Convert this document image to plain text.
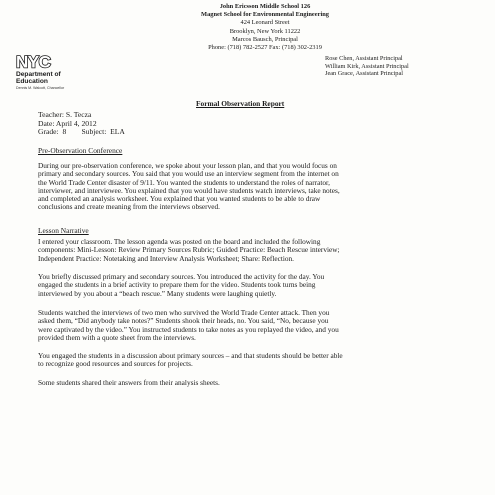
John Ericsson Middle School 126
Magnet School for Environmental Engineering
424 Leonard Street
Brooklyn, New York 11222
Marcos Bausch, Principal
Phone: (718) 782-2527 Fax: (718) 302-2319
NYC
Department of
Education
Dennis M. Walcott, Chancellor
Rose Chen, Assistant Principal
William Kirk, Assistant Principal
Jean Grace, Assistant Principal
Formal Observation Report
Teacher: S. Tecza
Date: April 4, 2012
Grade:  8        Subject:  ELA
Pre-Observation Conference
During our pre-observation conference, we spoke about your lesson plan, and that you would focus on
primary and secondary sources. You said that you would use an interview segment from the internet on
the World Trade Center disaster of 9/11. You wanted the students to understand the roles of narrator,
interviewer, and interviewee. You explained that you would have students watch interviews, take notes,
and completed an analysis worksheet. You explained that you wanted students to be able to draw
conclusions and create meaning from the interviews observed.
Lesson Narrative
I entered your classroom. The lesson agenda was posted on the board and included the following
components: Mini-Lesson: Review Primary Sources Rubric; Guided Practice: Beach Rescue interview;
Independent Practice: Notetaking and Interview Analysis Worksheet; Share: Reflection.
You briefly discussed primary and secondary sources. You introduced the activity for the day. You
engaged the students in a brief activity to prepare them for the video. Students took turns being
interviewed by you about a “beach rescue.” Many students were laughing quietly.
Students watched the interviews of two men who survived the World Trade Center attack. Then you
asked them, “Did anybody take notes?” Students shook their heads, no. You said, “No, because you
were captivated by the video.” You instructed students to take notes as you replayed the video, and you
provided them with a quote sheet from the interviews.
You engaged the students in a discussion about primary sources – and that students should be better able
to recognize good resources and sources for projects.
Some students shared their answers from their analysis sheets.
